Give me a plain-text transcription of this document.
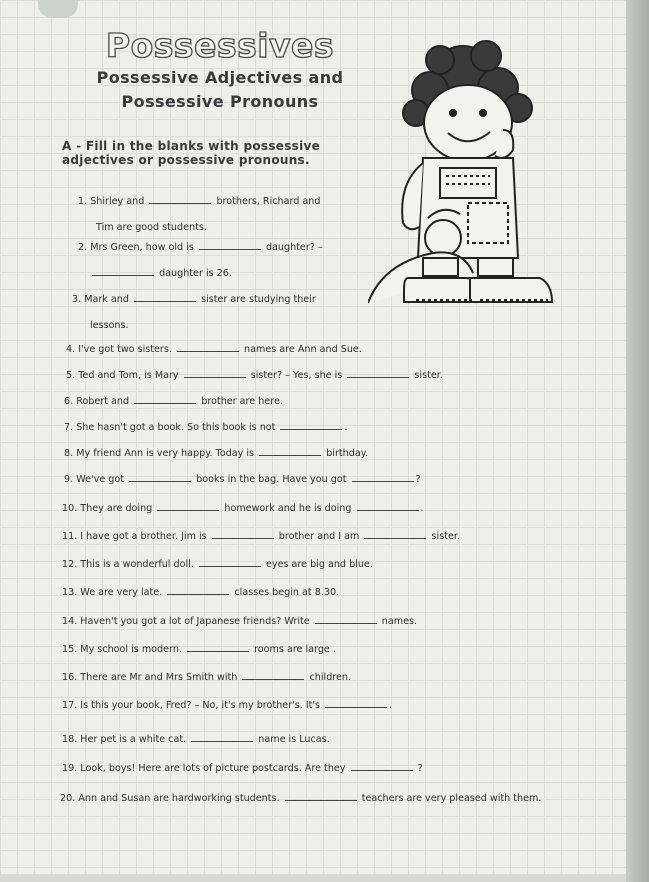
Possessives
Possessive Adjectives and
Possessive Pronouns
A - Fill in the blanks with possessive
adjectives or possessive pronouns.
1. Shirley and	brothers, Richard and
Tim are good students.
2. Mrs Green, how old is	daughter? –
daughter is 26.
3. Mark and	sister are studying their
lessons.
4. I've got two sisters.	names are Ann and Sue.
5. Ted and Tom, is Mary	sister? – Yes, she is	sister.
6. Robert and	brother are here.
7. She hasn't got a book. So this book is not	.
8. My friend Ann is very happy. Today is	birthday.
9. We've got	books in the bag. Have you got	?
10. They are doing	homework and he is doing	.
11. I have got a brother. Jim is	brother and I am	sister.
12. This is a wonderful doll.	eyes are big and blue.
13. We are very late.	classes begin at 8.30.
14. Haven't you got a lot of Japanese friends? Write	names.
15. My school is modern.	rooms are large .
16. There are Mr and Mrs Smith with	children.
17. Is this your book, Fred? – No, it's my brother's. It's	.
18. Her pet is a white cat.	name is Lucas.
19. Look, boys! Here are lots of picture postcards. Are they	?
20. Ann and Susan are hardworking students.	teachers are very pleased with them.
